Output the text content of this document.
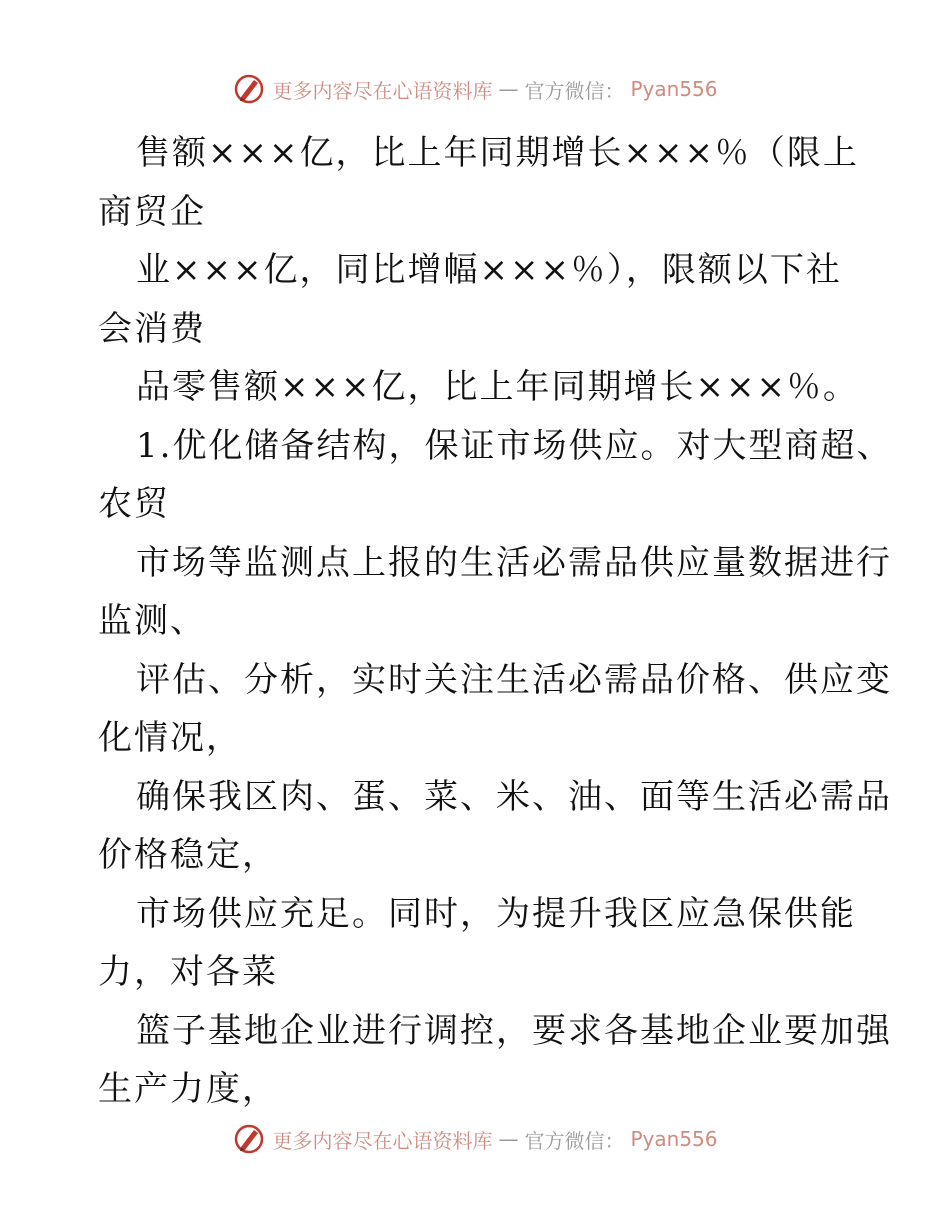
更多内容尽在心语资料库 — 官方微信： Pyan556
售额×××亿，比上年同期增长×××％（限上
商贸企
业×××亿，同比增幅×××％），限额以下社
会消费
品零售额×××亿，比上年同期增长×××％。
1.优化储备结构，保证市场供应。对大型商超、
农贸
市场等监测点上报的生活必需品供应量数据进行
监测、
评估、分析，实时关注生活必需品价格、供应变
化情况，
确保我区肉、蛋、菜、米、油、面等生活必需品
价格稳定，
市场供应充足。同时，为提升我区应急保供能
力，对各菜
篮子基地企业进行调控，要求各基地企业要加强
生产力度，
更多内容尽在心语资料库 — 官方微信： Pyan556
